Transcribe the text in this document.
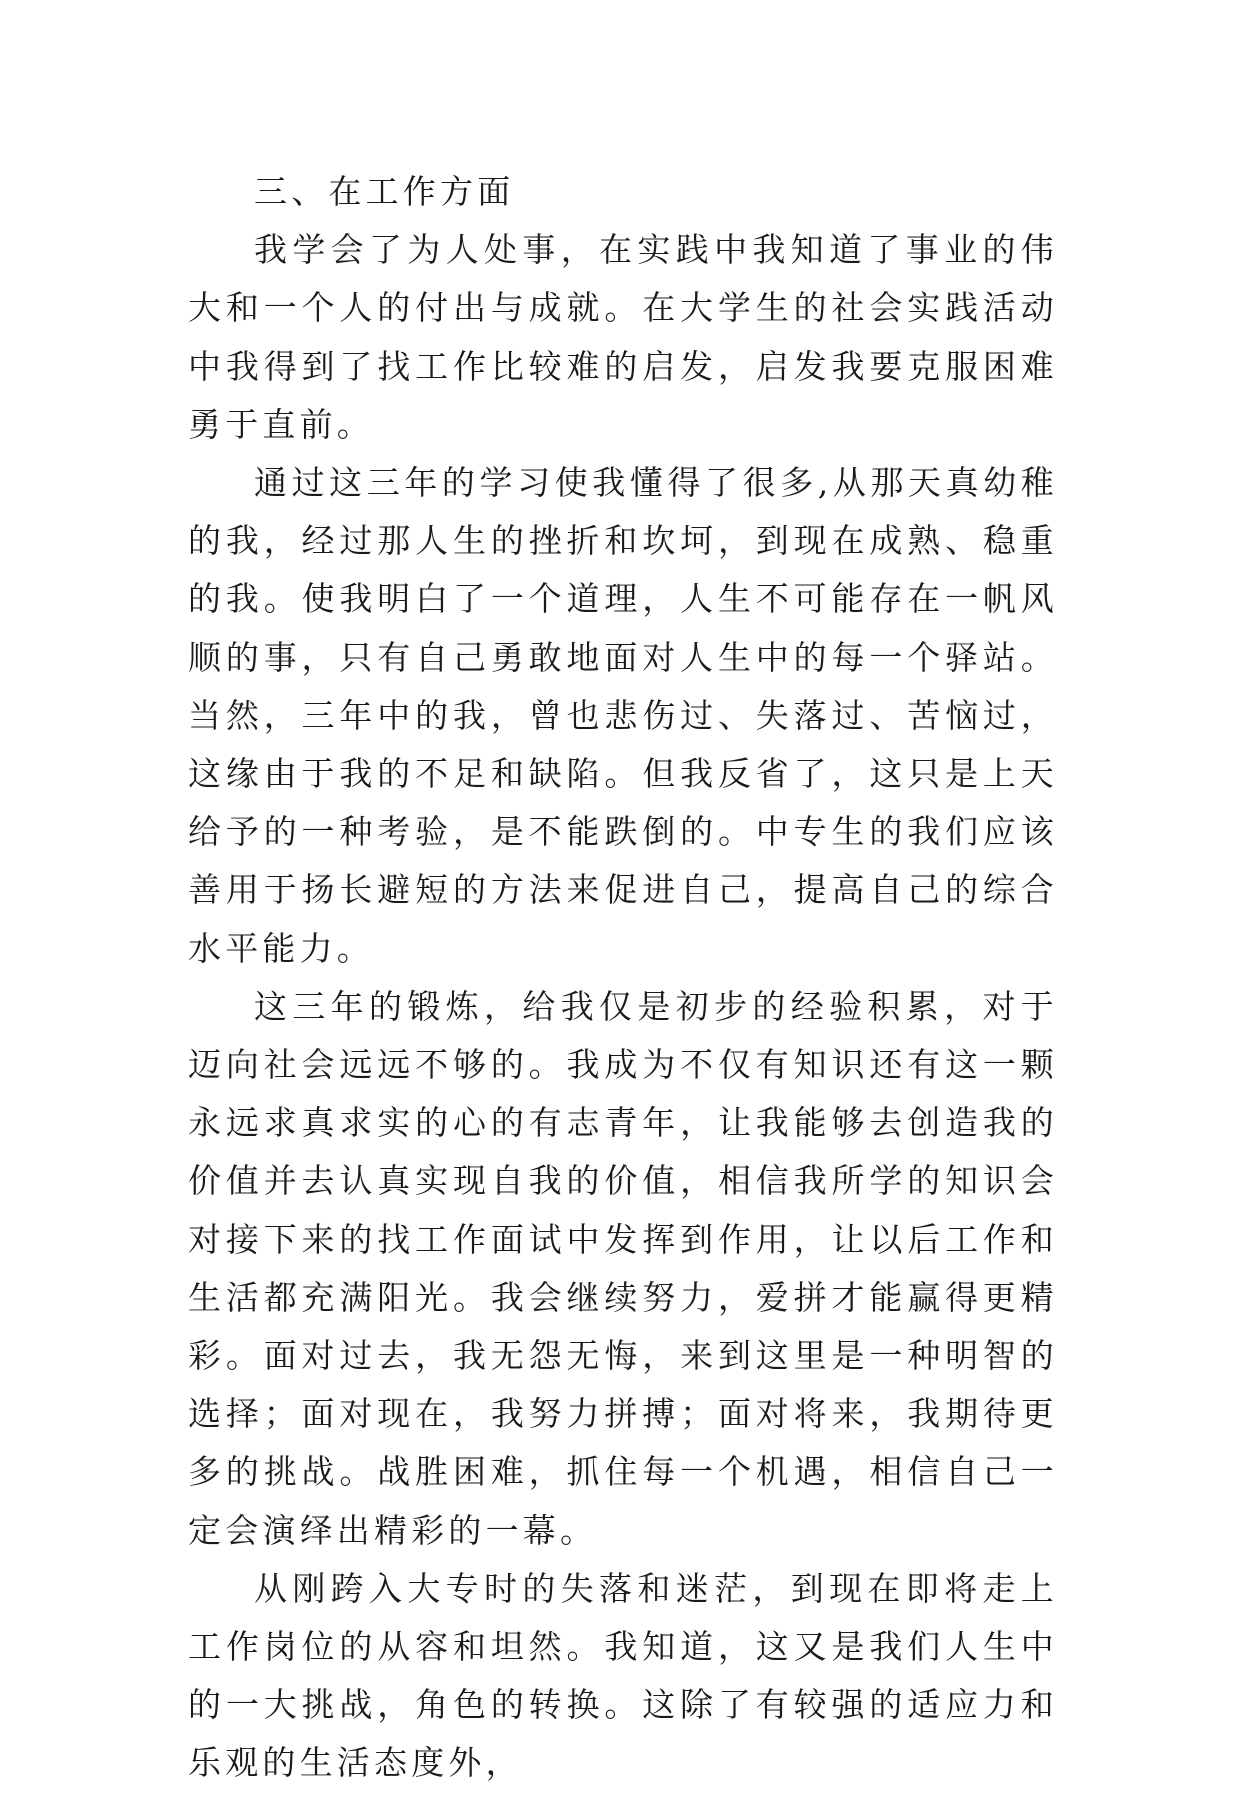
三、在工作方面

我学会了为人处事，在实践中我知道了事业的伟大和一个人的付出与成就。在大学生的社会实践活动中我得到了找工作比较难的启发，启发我要克服困难勇于直前。

通过这三年的学习使我懂得了很多,从那天真幼稚的我，经过那人生的挫折和坎坷，到现在成熟、稳重的我。使我明白了一个道理，人生不可能存在一帆风顺的事，只有自己勇敢地面对人生中的每一个驿站。当然，三年中的我，曾也悲伤过、失落过、苦恼过，这缘由于我的不足和缺陷。但我反省了，这只是上天给予的一种考验，是不能跌倒的。中专生的我们应该善用于扬长避短的方法来促进自己，提高自己的综合水平能力。

这三年的锻炼，给我仅是初步的经验积累，对于迈向社会远远不够的。我成为不仅有知识还有这一颗永远求真求实的心的有志青年，让我能够去创造我的价值并去认真实现自我的价值，相信我所学的知识会对接下来的找工作面试中发挥到作用，让以后工作和生活都充满阳光。我会继续努力，爱拼才能赢得更精彩。面对过去，我无怨无悔，来到这里是一种明智的选择；面对现在，我努力拼搏；面对将来，我期待更多的挑战。战胜困难，抓住每一个机遇，相信自己一定会演绎出精彩的一幕。

从刚跨入大专时的失落和迷茫，到现在即将走上工作岗位的从容和坦然。我知道，这又是我们人生中的一大挑战，角色的转换。这除了有较强的适应力和乐观的生活态度外，
